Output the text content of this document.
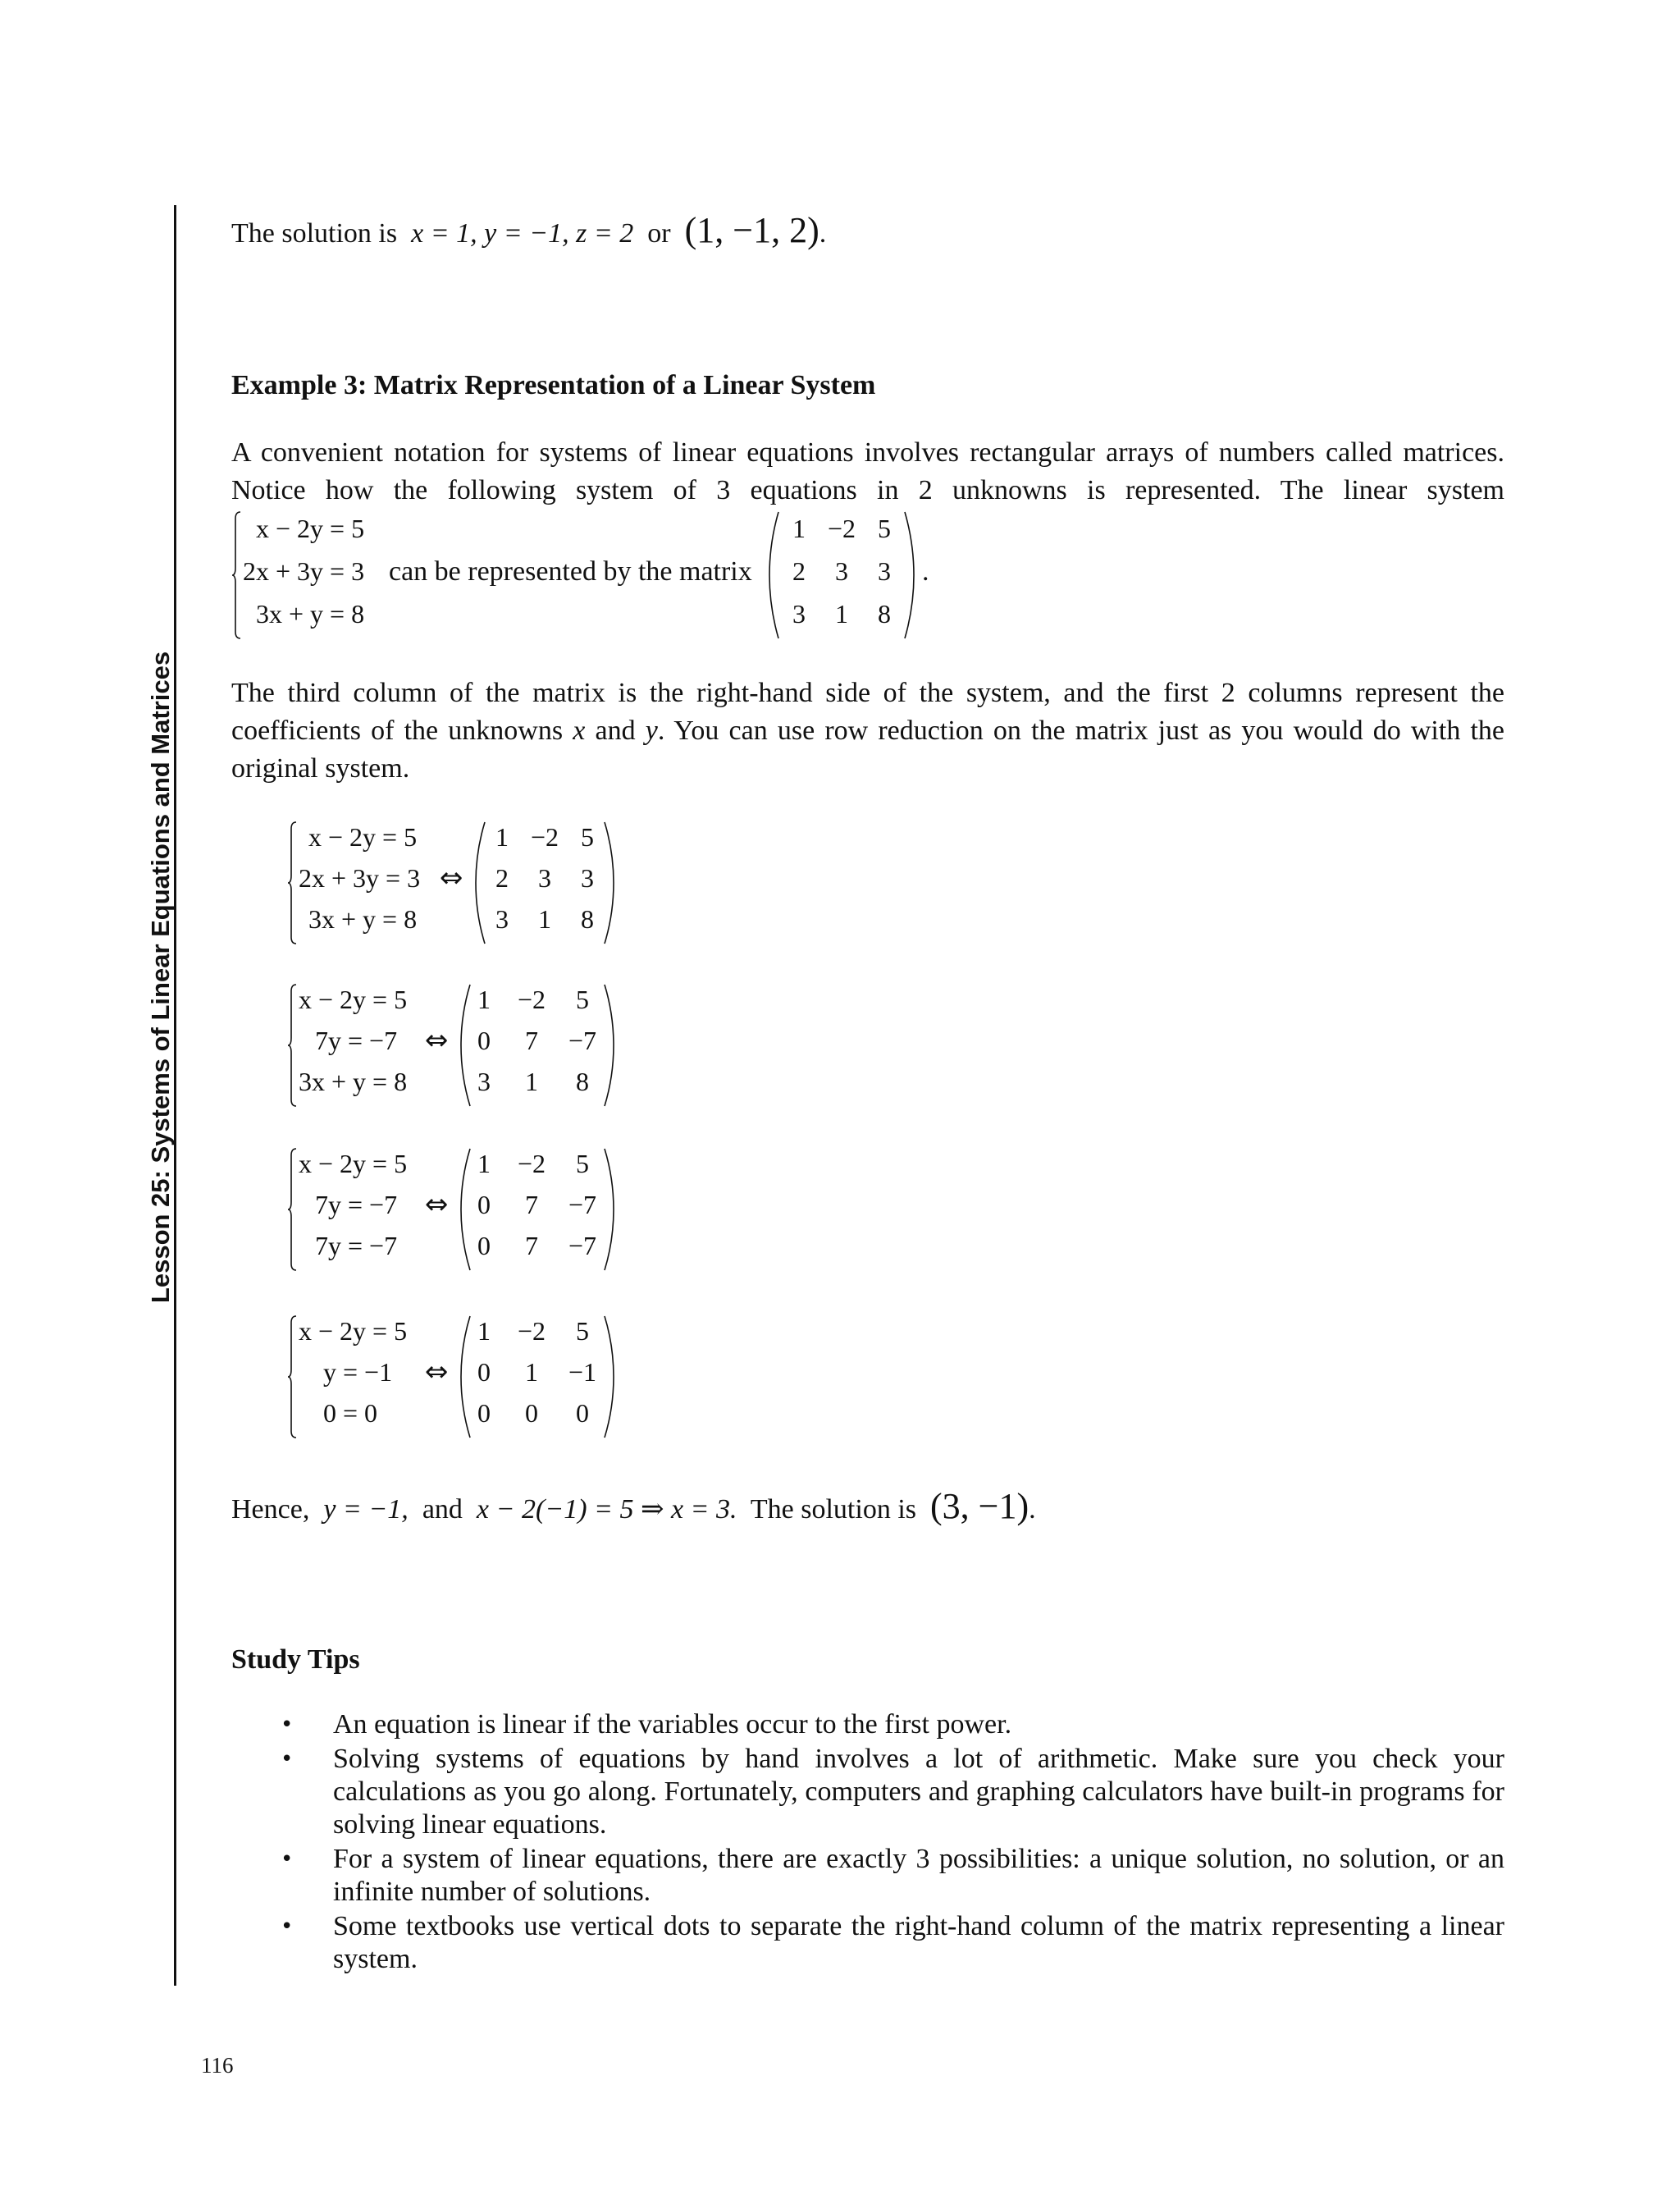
Lesson 25: Systems of Linear Equations and Matrices
116
The solution is x = 1, y = −1, z = 2 or (1, −1, 2).
Example 3: Matrix Representation of a Linear System
A convenient notation for systems of linear equations involves rectangular arrays of numbers called matrices.
Notice how the following system of 3 equations in 2 unknowns is represented. The linear system
x − 2y = 5
2x + 3y = 3
3x + y = 8
can be represented by the matrix
1 −2 5
2	3	3
3	1	8
.
The third column of the matrix is the right-hand side of the system, and the first 2 columns represent the coefficients of the unknowns x and y. You can use row reduction on the matrix just as you would do with the original system.
x − 2y = 5
2x + 3y = 3
3x + y = 8
⇔
1 −2 5
2	3	3
3	1	8
x − 2y = 5
7y = −7
3x + y = 8
⇔
1	−2	5
0	7	−7
3	1	8
x − 2y = 5
7y = −7
7y = −7
⇔
1	−2	5
0	7	−7
0	7	−7
x − 2y = 5
y = −1
0 = 0
⇔
1	−2	5
0	1	−1
0	0	0
Hence, y = −1, and x − 2(−1) = 5 ⇒ x = 3. The solution is (3, −1).
Study Tips
• An equation is linear if the variables occur to the first power.
• Solving systems of equations by hand involves a lot of arithmetic. Make sure you check your calculations as you go along. Fortunately, computers and graphing calculators have built-in programs for solving linear equations.
• For a system of linear equations, there are exactly 3 possibilities: a unique solution, no solution, or an infinite number of solutions.
• Some textbooks use vertical dots to separate the right-hand column of the matrix representing a linear system.
